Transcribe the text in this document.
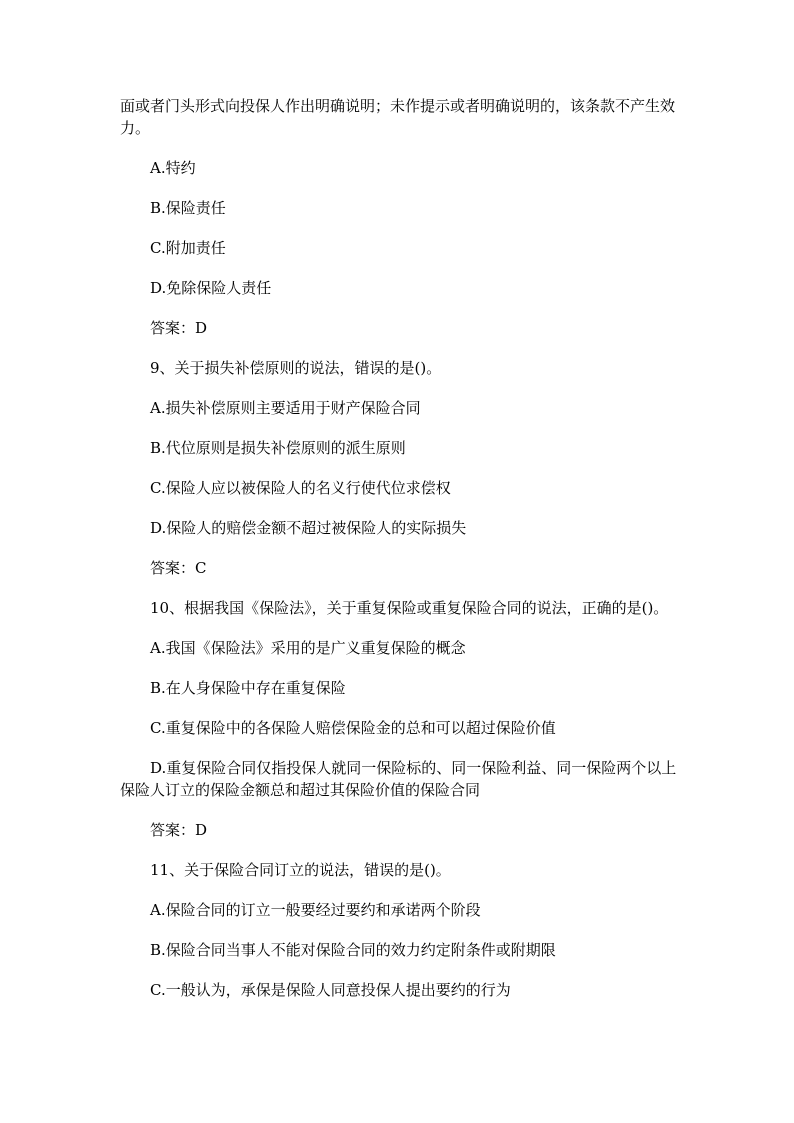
面或者门头形式向投保人作出明确说明；未作提示或者明确说明的，该条款不产生效力。

A.特约

B.保险责任

C.附加责任

D.免除保险人责任

答案：D

9、关于损失补偿原则的说法，错误的是()。

A.损失补偿原则主要适用于财产保险合同

B.代位原则是损失补偿原则的派生原则

C.保险人应以被保险人的名义行使代位求偿权

D.保险人的赔偿金额不超过被保险人的实际损失

答案：C

10、根据我国《保险法》，关于重复保险或重复保险合同的说法，正确的是()。

A.我国《保险法》采用的是广义重复保险的概念

B.在人身保险中存在重复保险

C.重复保险中的各保险人赔偿保险金的总和可以超过保险价值

D.重复保险合同仅指投保人就同一保险标的、同一保险利益、同一保险两个以上保险人订立的保险金额总和超过其保险价值的保险合同

答案：D

11、关于保险合同订立的说法，错误的是()。

A.保险合同的订立一般要经过要约和承诺两个阶段

B.保险合同当事人不能对保险合同的效力约定附条件或附期限

C.一般认为，承保是保险人同意投保人提出要约的行为
